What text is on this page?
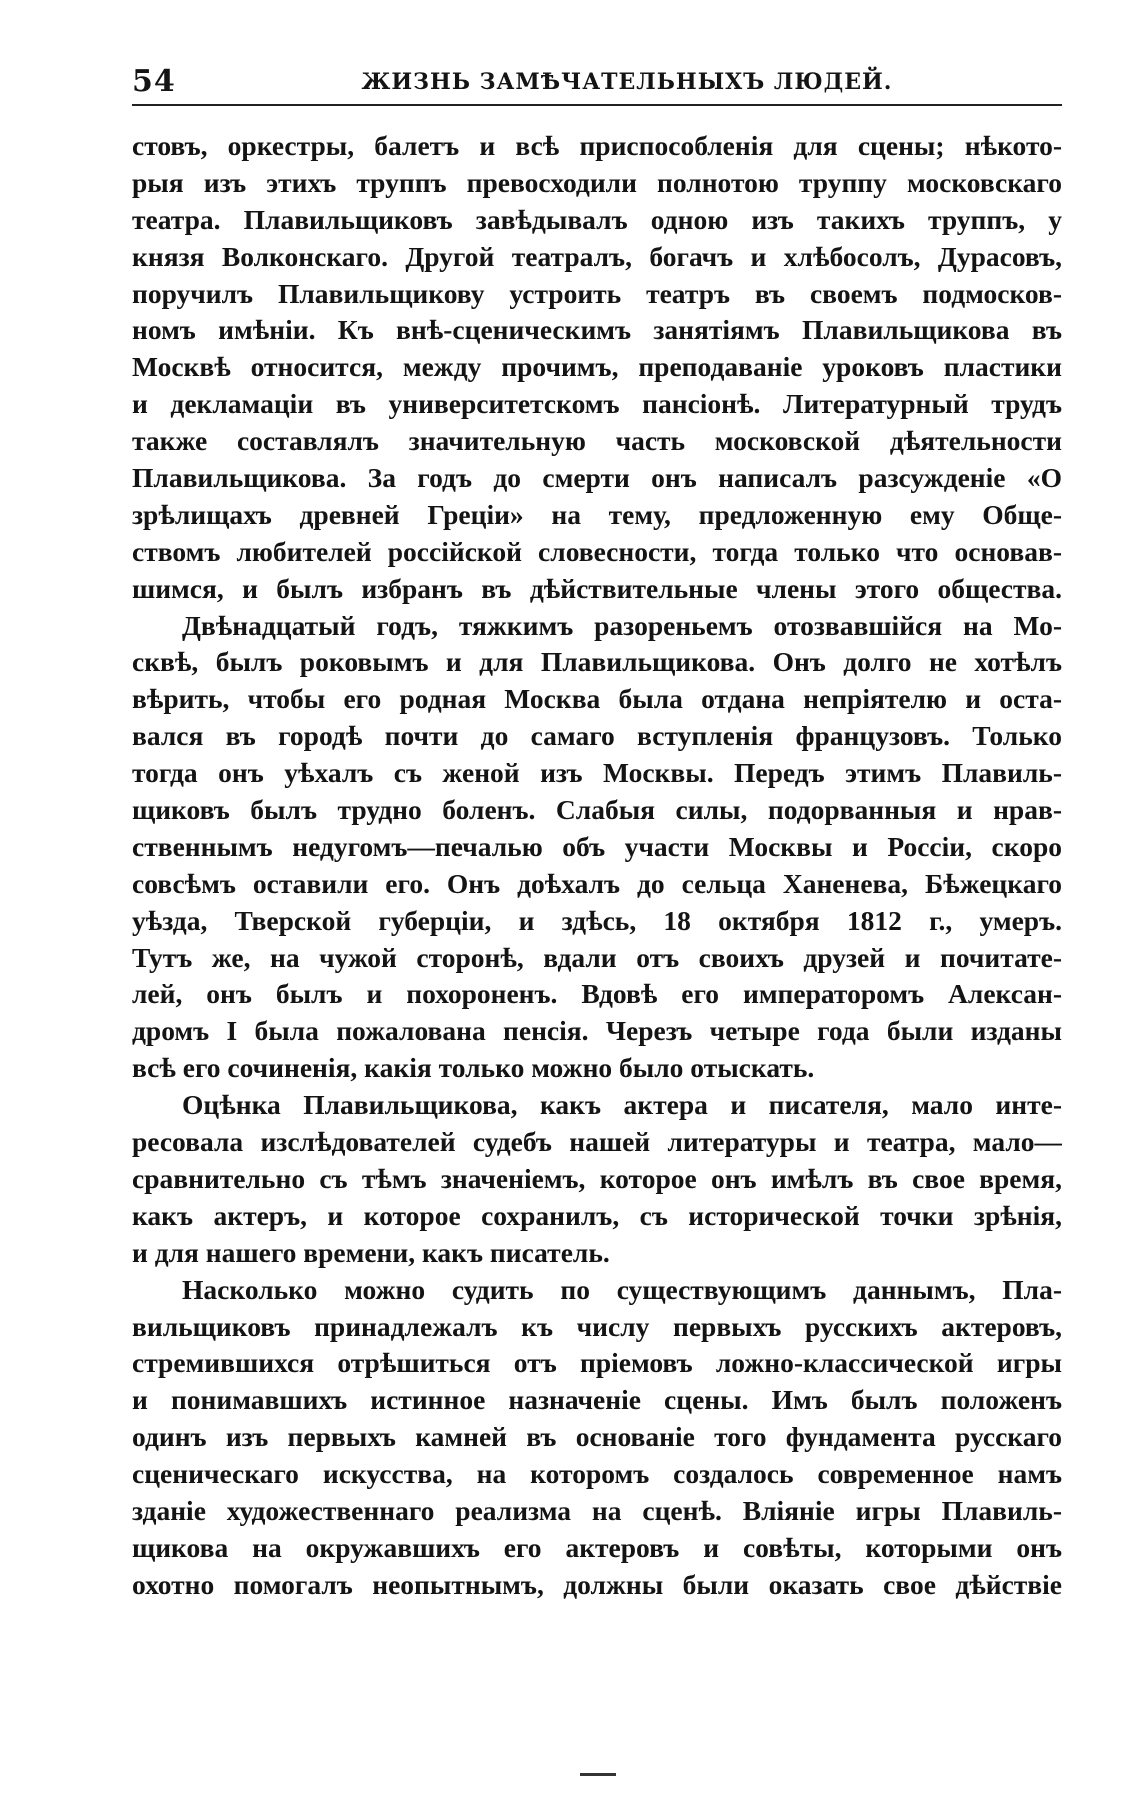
54	ЖИЗНЬ ЗАМѢЧАТЕЛЬНЫХЪ ЛЮДЕЙ.
стовъ, оркестры, балетъ и всѣ приспособленія для сцены; нѣкото-
рыя изъ этихъ труппъ превосходили полнотою труппу московскаго
театра. Плавильщиковъ завѣдывалъ одною изъ такихъ труппъ, у
князя Волконскаго. Другой театралъ, богачъ и хлѣбосолъ, Дурасовъ,
поручилъ Плавильщикову устроить театръ въ своемъ подмосков-
номъ имѣніи. Къ внѣ-сценическимъ занятіямъ Плавильщикова въ
Москвѣ относится, между прочимъ, преподаваніе уроковъ пластики
и декламаціи въ университетскомъ пансіонѣ. Литературный трудъ
также составлялъ значительную часть московской дѣятельности
Плавильщикова. За годъ до смерти онъ написалъ разсужденіе «О
зрѣлищахъ древней Греціи» на тему, предложенную ему Обще-
ствомъ любителей россійской словесности, тогда только что основав-
шимся, и былъ избранъ въ дѣйствительные члены этого общества.
Двѣнадцатый годъ, тяжкимъ разореньемъ отозвавшійся на Мо-
сквѣ, былъ роковымъ и для Плавильщикова. Онъ долго не хотѣлъ
вѣрить, чтобы его родная Москва была отдана непріятелю и оста-
вался въ городѣ почти до самаго вступленія французовъ. Только
тогда онъ уѣхалъ съ женой изъ Москвы. Передъ этимъ Плавиль-
щиковъ былъ трудно боленъ. Слабыя силы, подорванныя и нрав-
ственнымъ недугомъ—печалью объ участи Москвы и Россіи, скоро
совсѣмъ оставили его. Онъ доѣхалъ до сельца Ханенева, Бѣжецкаго
уѣзда, Тверской губерціи, и здѣсь, 18 октября 1812 г., умеръ.
Тутъ же, на чужой сторонѣ, вдали отъ своихъ друзей и почитате-
лей, онъ былъ и похороненъ. Вдовѣ его императоромъ Алексан-
дромъ I была пожалована пенсія. Черезъ четыре года были изданы
всѣ его сочиненія, какія только можно было отыскать.
Оцѣнка Плавильщикова, какъ актера и писателя, мало инте-
ресовала изслѣдователей судебъ нашей литературы и театра, мало—
сравнительно съ тѣмъ значеніемъ, которое онъ имѣлъ въ свое время,
какъ актеръ, и которое сохранилъ, съ исторической точки зрѣнія,
и для нашего времени, какъ писатель.
Насколько можно судить по существующимъ даннымъ, Пла-
вильщиковъ принадлежалъ къ числу первыхъ русскихъ актеровъ,
стремившихся отрѣшиться отъ пріемовъ ложно-классической игры
и понимавшихъ истинное назначеніе сцены. Имъ былъ положенъ
одинъ изъ первыхъ камней въ основаніе того фундамента русскаго
сценическаго искусства, на которомъ создалось современное намъ
зданіе художественнаго реализма на сценѣ. Вліяніе игры Плавиль-
щикова на окружавшихъ его актеровъ и совѣты, которыми онъ
охотно помогалъ неопытнымъ, должны были оказать свое дѣйствіе
